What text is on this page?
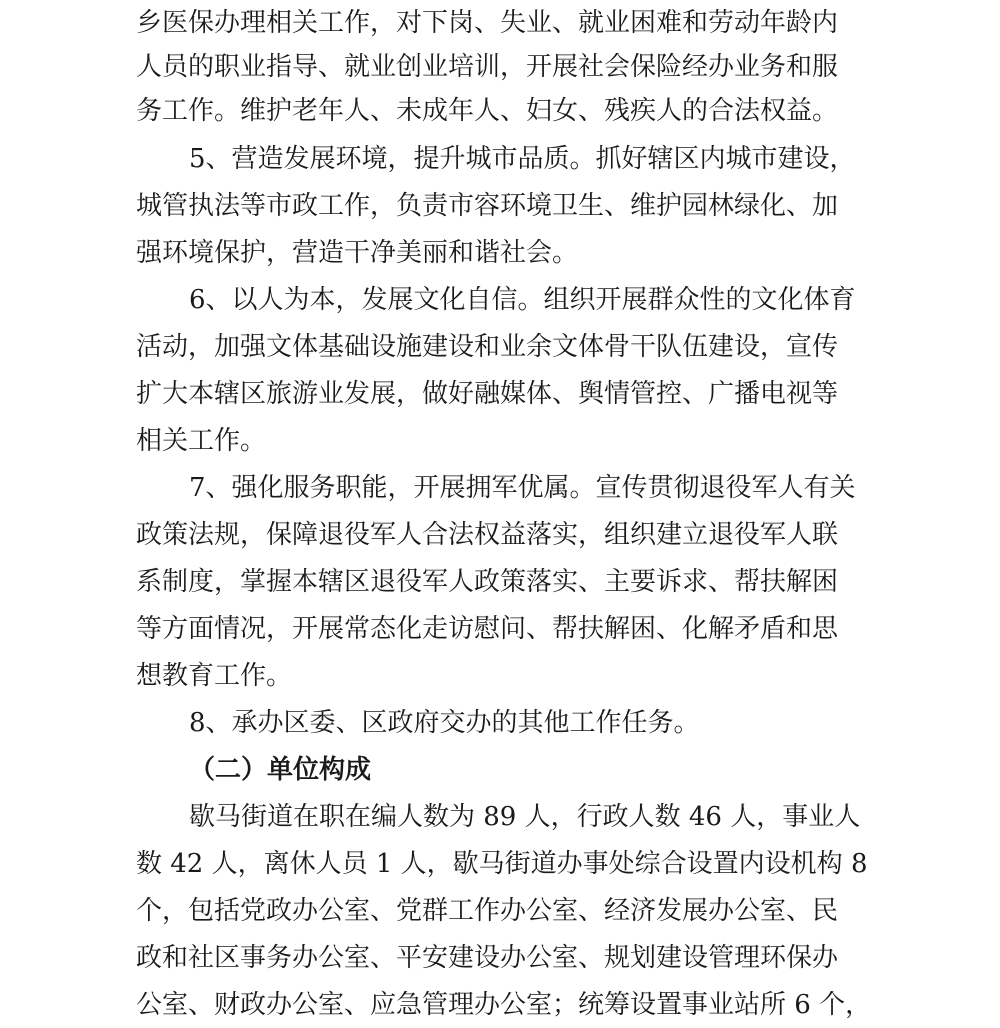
乡医保办理相关工作，对下岗、失业、就业困难和劳动年龄内
人员的职业指导、就业创业培训，开展社会保险经办业务和服
务工作。维护老年人、未成年人、妇女、残疾人的合法权益。
5、营造发展环境，提升城市品质。抓好辖区内城市建设，
城管执法等市政工作，负责市容环境卫生、维护园林绿化、加
强环境保护，营造干净美丽和谐社会。
6、以人为本，发展文化自信。组织开展群众性的文化体育
活动，加强文体基础设施建设和业余文体骨干队伍建设，宣传
扩大本辖区旅游业发展，做好融媒体、舆情管控、广播电视等
相关工作。
7、强化服务职能，开展拥军优属。宣传贯彻退役军人有关
政策法规，保障退役军人合法权益落实，组织建立退役军人联
系制度，掌握本辖区退役军人政策落实、主要诉求、帮扶解困
等方面情况，开展常态化走访慰问、帮扶解困、化解矛盾和思
想教育工作。
8、承办区委、区政府交办的其他工作任务。
（二）单位构成
歇马街道在职在编人数为 89 人，行政人数 46 人，事业人
数 42 人，离休人员 1 人，歇马街道办事处综合设置内设机构 8
个，包括党政办公室、党群工作办公室、经济发展办公室、民
政和社区事务办公室、平安建设办公室、规划建设管理环保办
公室、财政办公室、应急管理办公室；统筹设置事业站所 6 个，
